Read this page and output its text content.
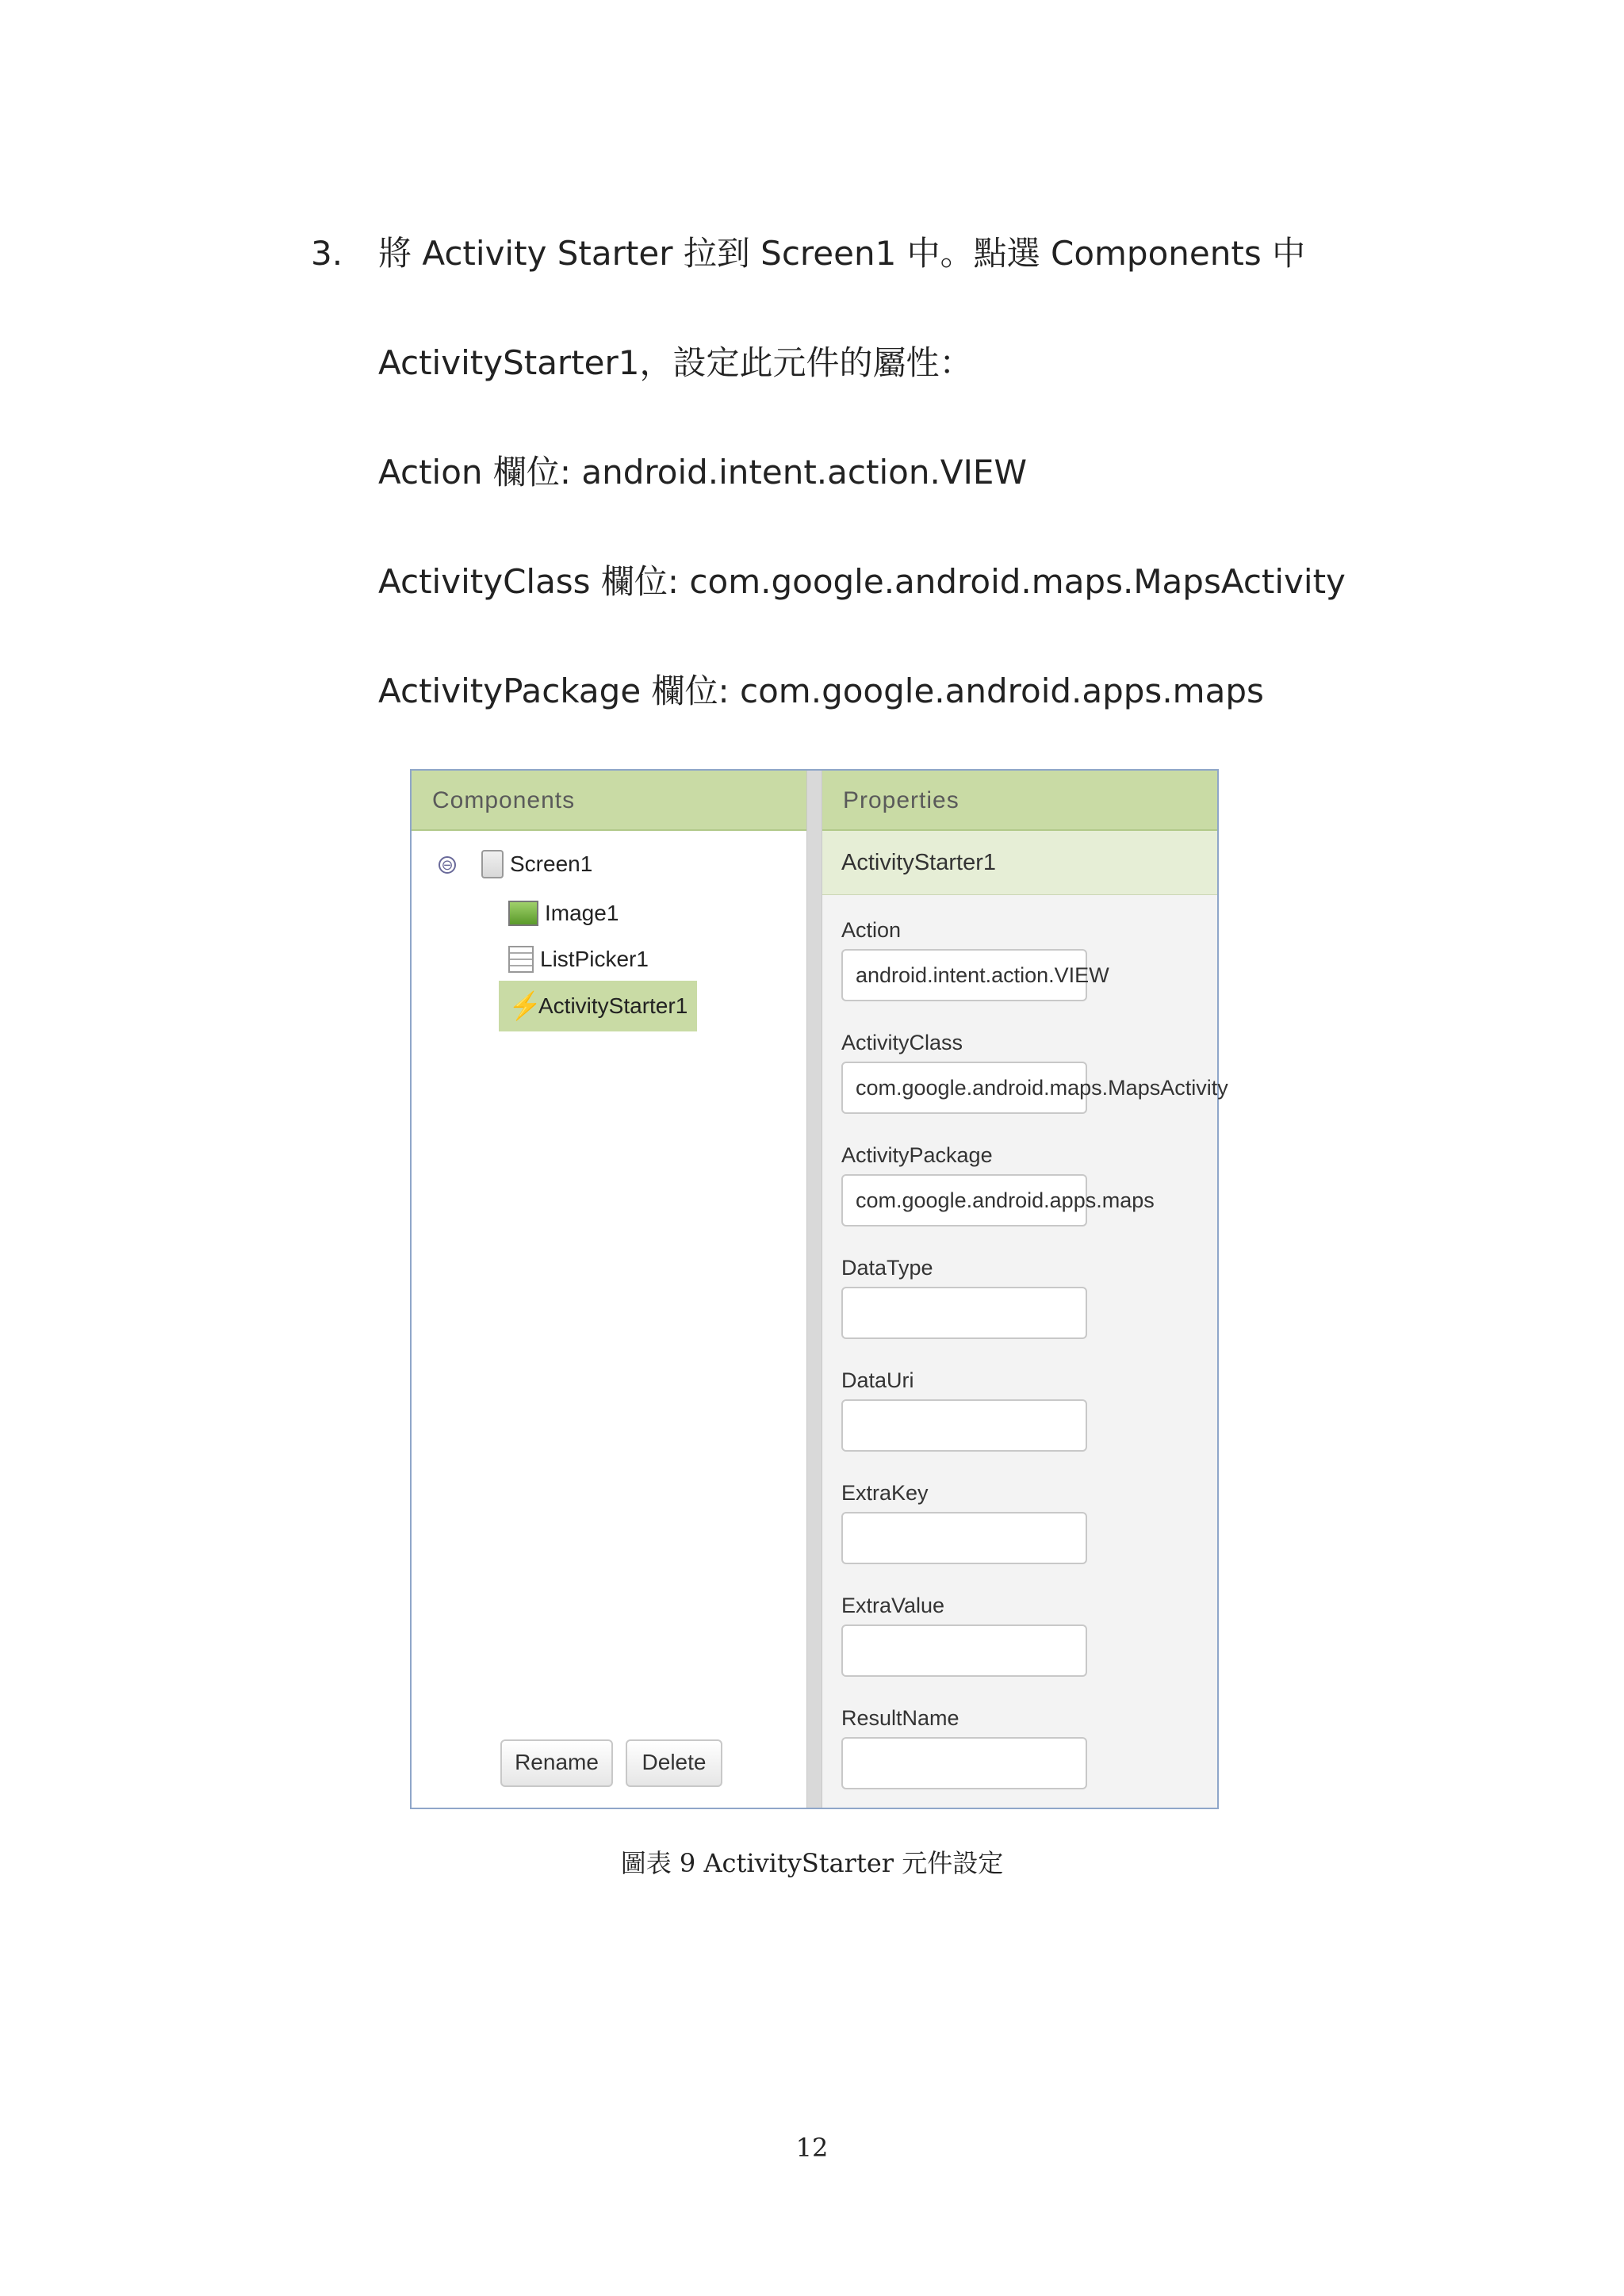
3. 將 Activity Starter 拉到 Screen1 中。點選 Components 中
ActivityStarter1，設定此元件的屬性：
Action 欄位: android.intent.action.VIEW
ActivityClass 欄位: com.google.android.maps.MapsActivity
ActivityPackage 欄位: com.google.android.apps.maps
Components
⊖	Screen1
Image1
ListPicker1
⚡
ActivityStarter1
Rename	Delete
Properties
ActivityStarter1
Action
android.intent.action.VIEW
ActivityClass
com.google.android.maps.MapsActivity
ActivityPackage
com.google.android.apps.maps
DataType
DataUri
ExtraKey
ExtraValue
ResultName
圖表 9 ActivityStarter 元件設定
12
